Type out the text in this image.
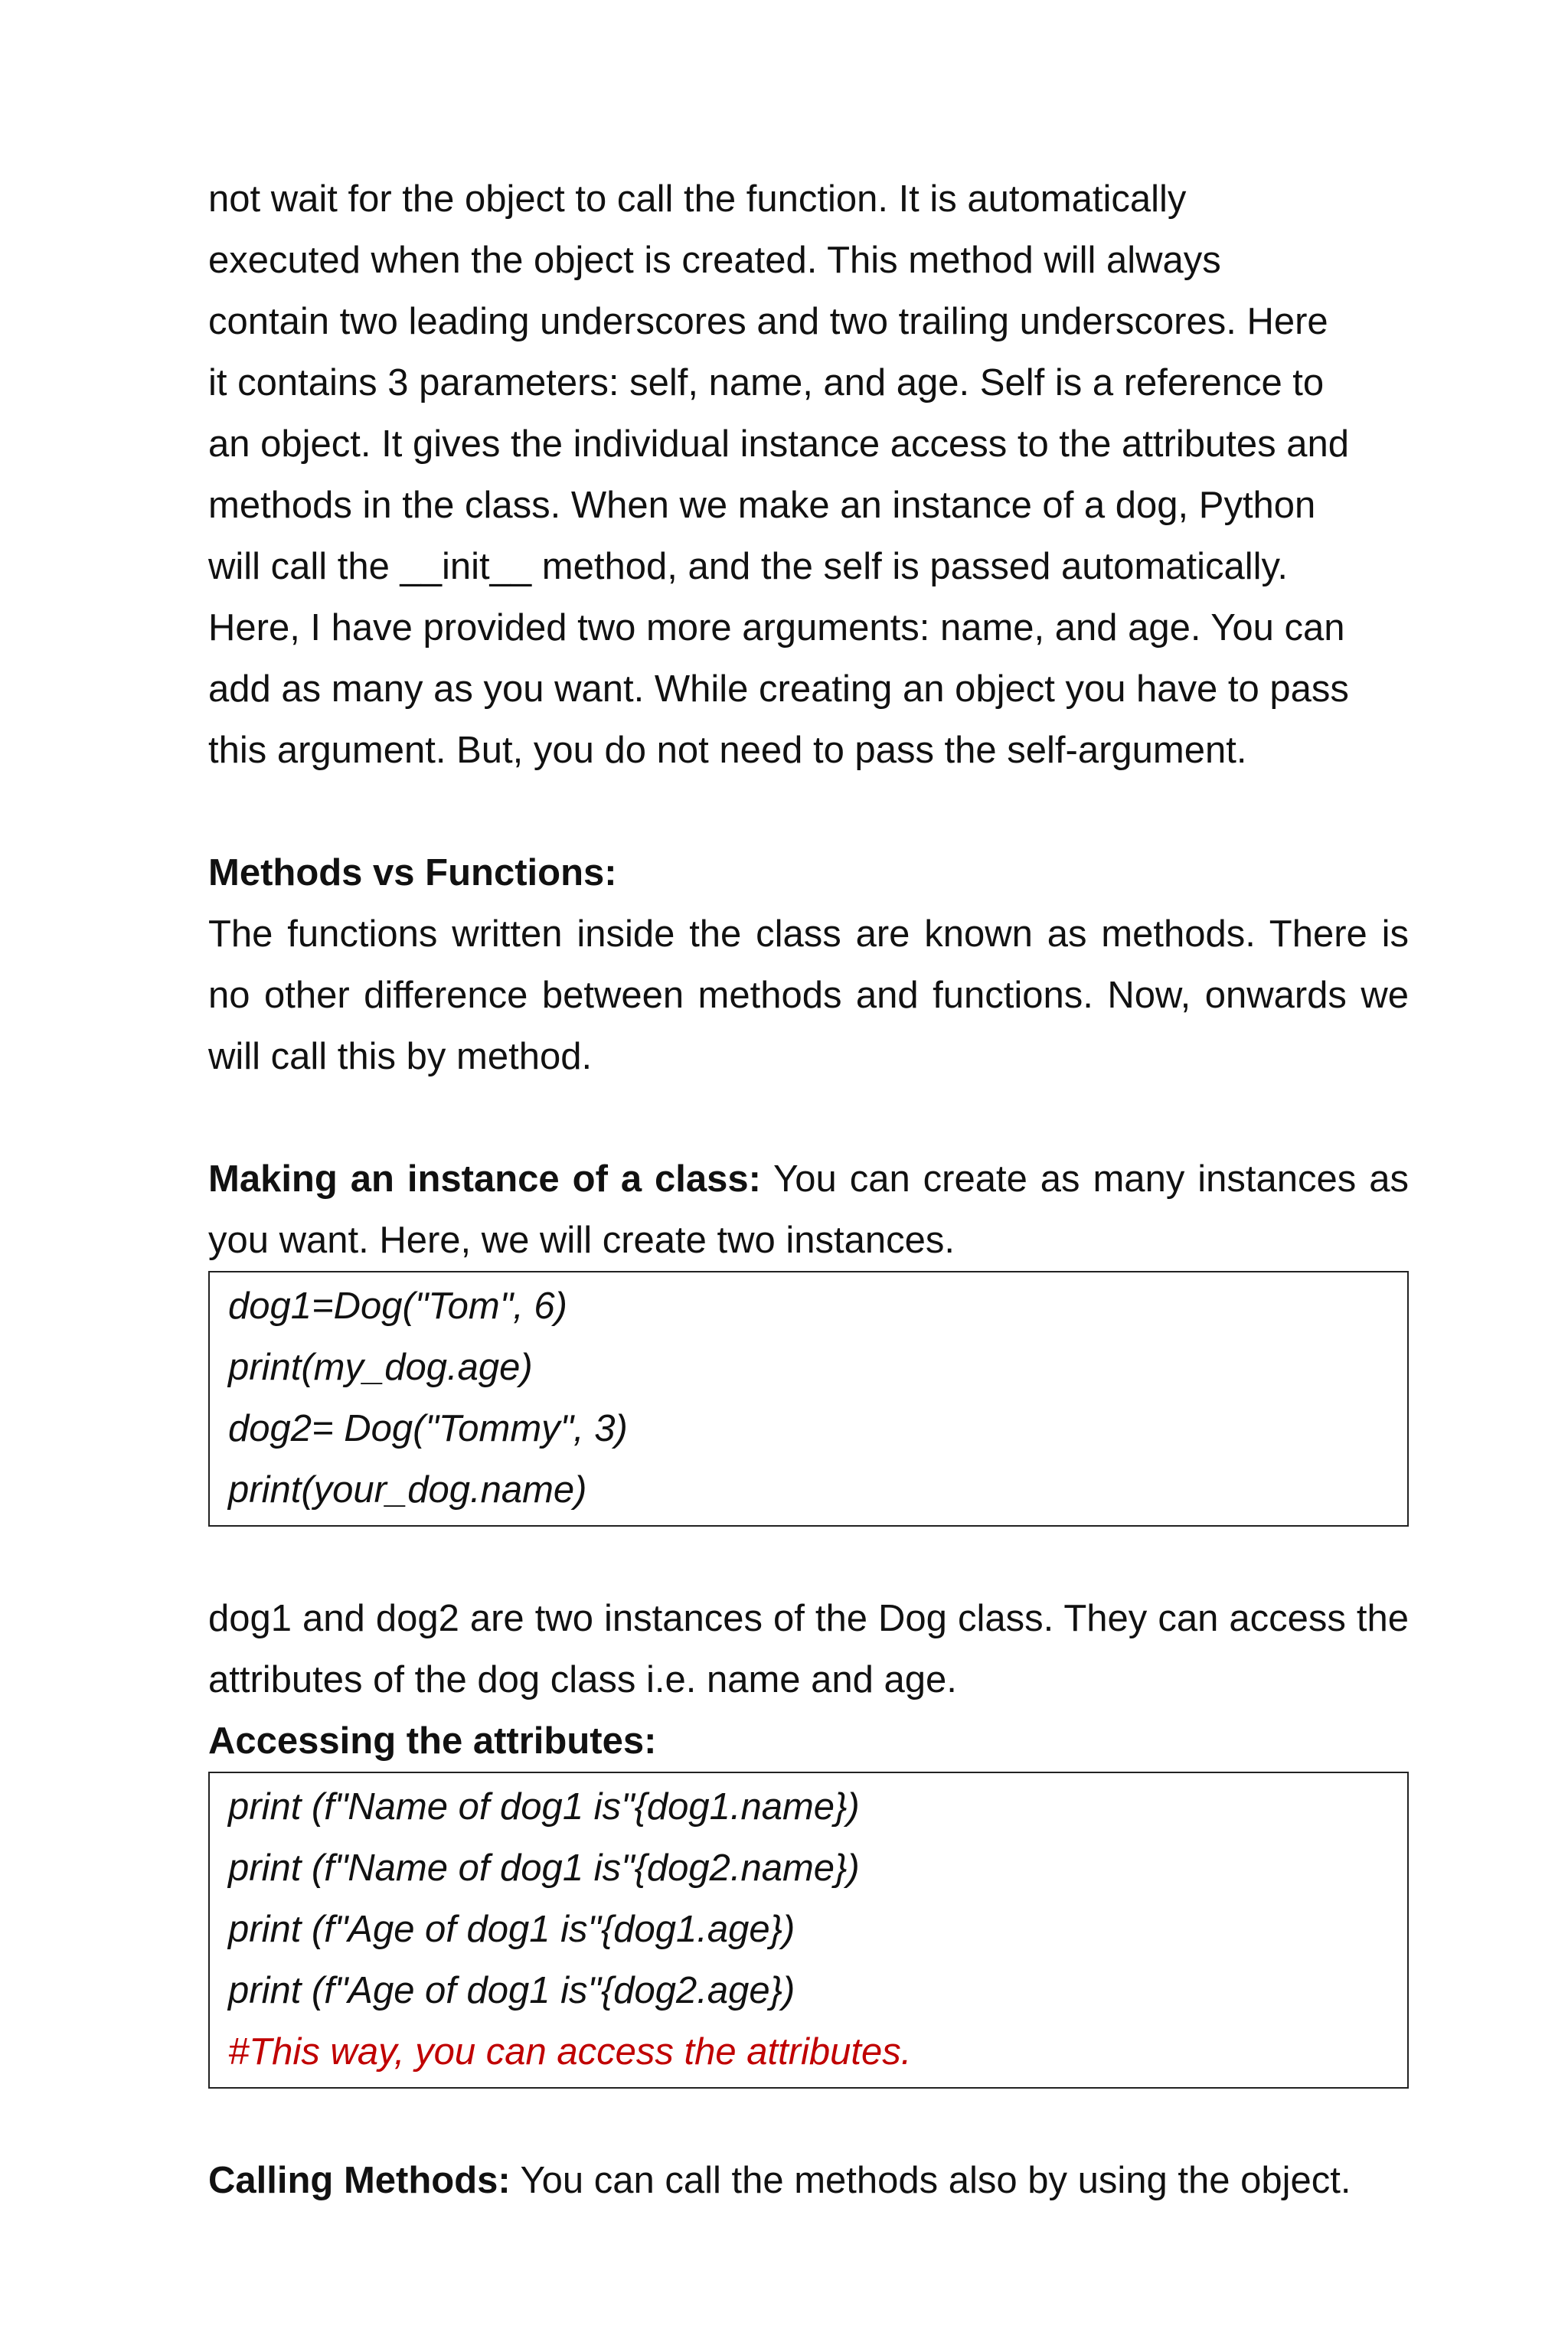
not wait for the object to call the function. It is automatically

executed when the object is created. This method will always

contain two leading underscores and two trailing underscores. Here

it contains 3 parameters: self, name, and age. Self is a reference to

an object. It gives the individual instance access to the attributes and

methods in the class. When we make an instance of a dog, Python

will call the __init__ method, and the self is passed automatically.

Here, I have provided two more arguments: name, and age. You can

add as many as you want. While creating an object you have to pass

this argument. But, you do not need to pass the self-argument.

Methods vs Functions:

The functions written inside the class are known as methods. There is no other difference between methods and functions. Now, onwards we will call this by method.

Making an instance of a class: You can create as many instances as you want. Here, we will create two instances.

dog1=Dog("Tom", 6)
print(my_dog.age)
dog2= Dog("Tommy", 3)
print(your_dog.name)

dog1 and dog2 are two instances of the Dog class. They can access the attributes of the dog class i.e. name and age.

Accessing the attributes:

print (f"Name of dog1 is"{dog1.name})
print (f"Name of dog1 is"{dog2.name})
print (f"Age of dog1 is"{dog1.age})
print (f"Age of dog1 is"{dog2.age})
#This way, you can access the attributes.

Calling Methods: You can call the methods also by using the object.
